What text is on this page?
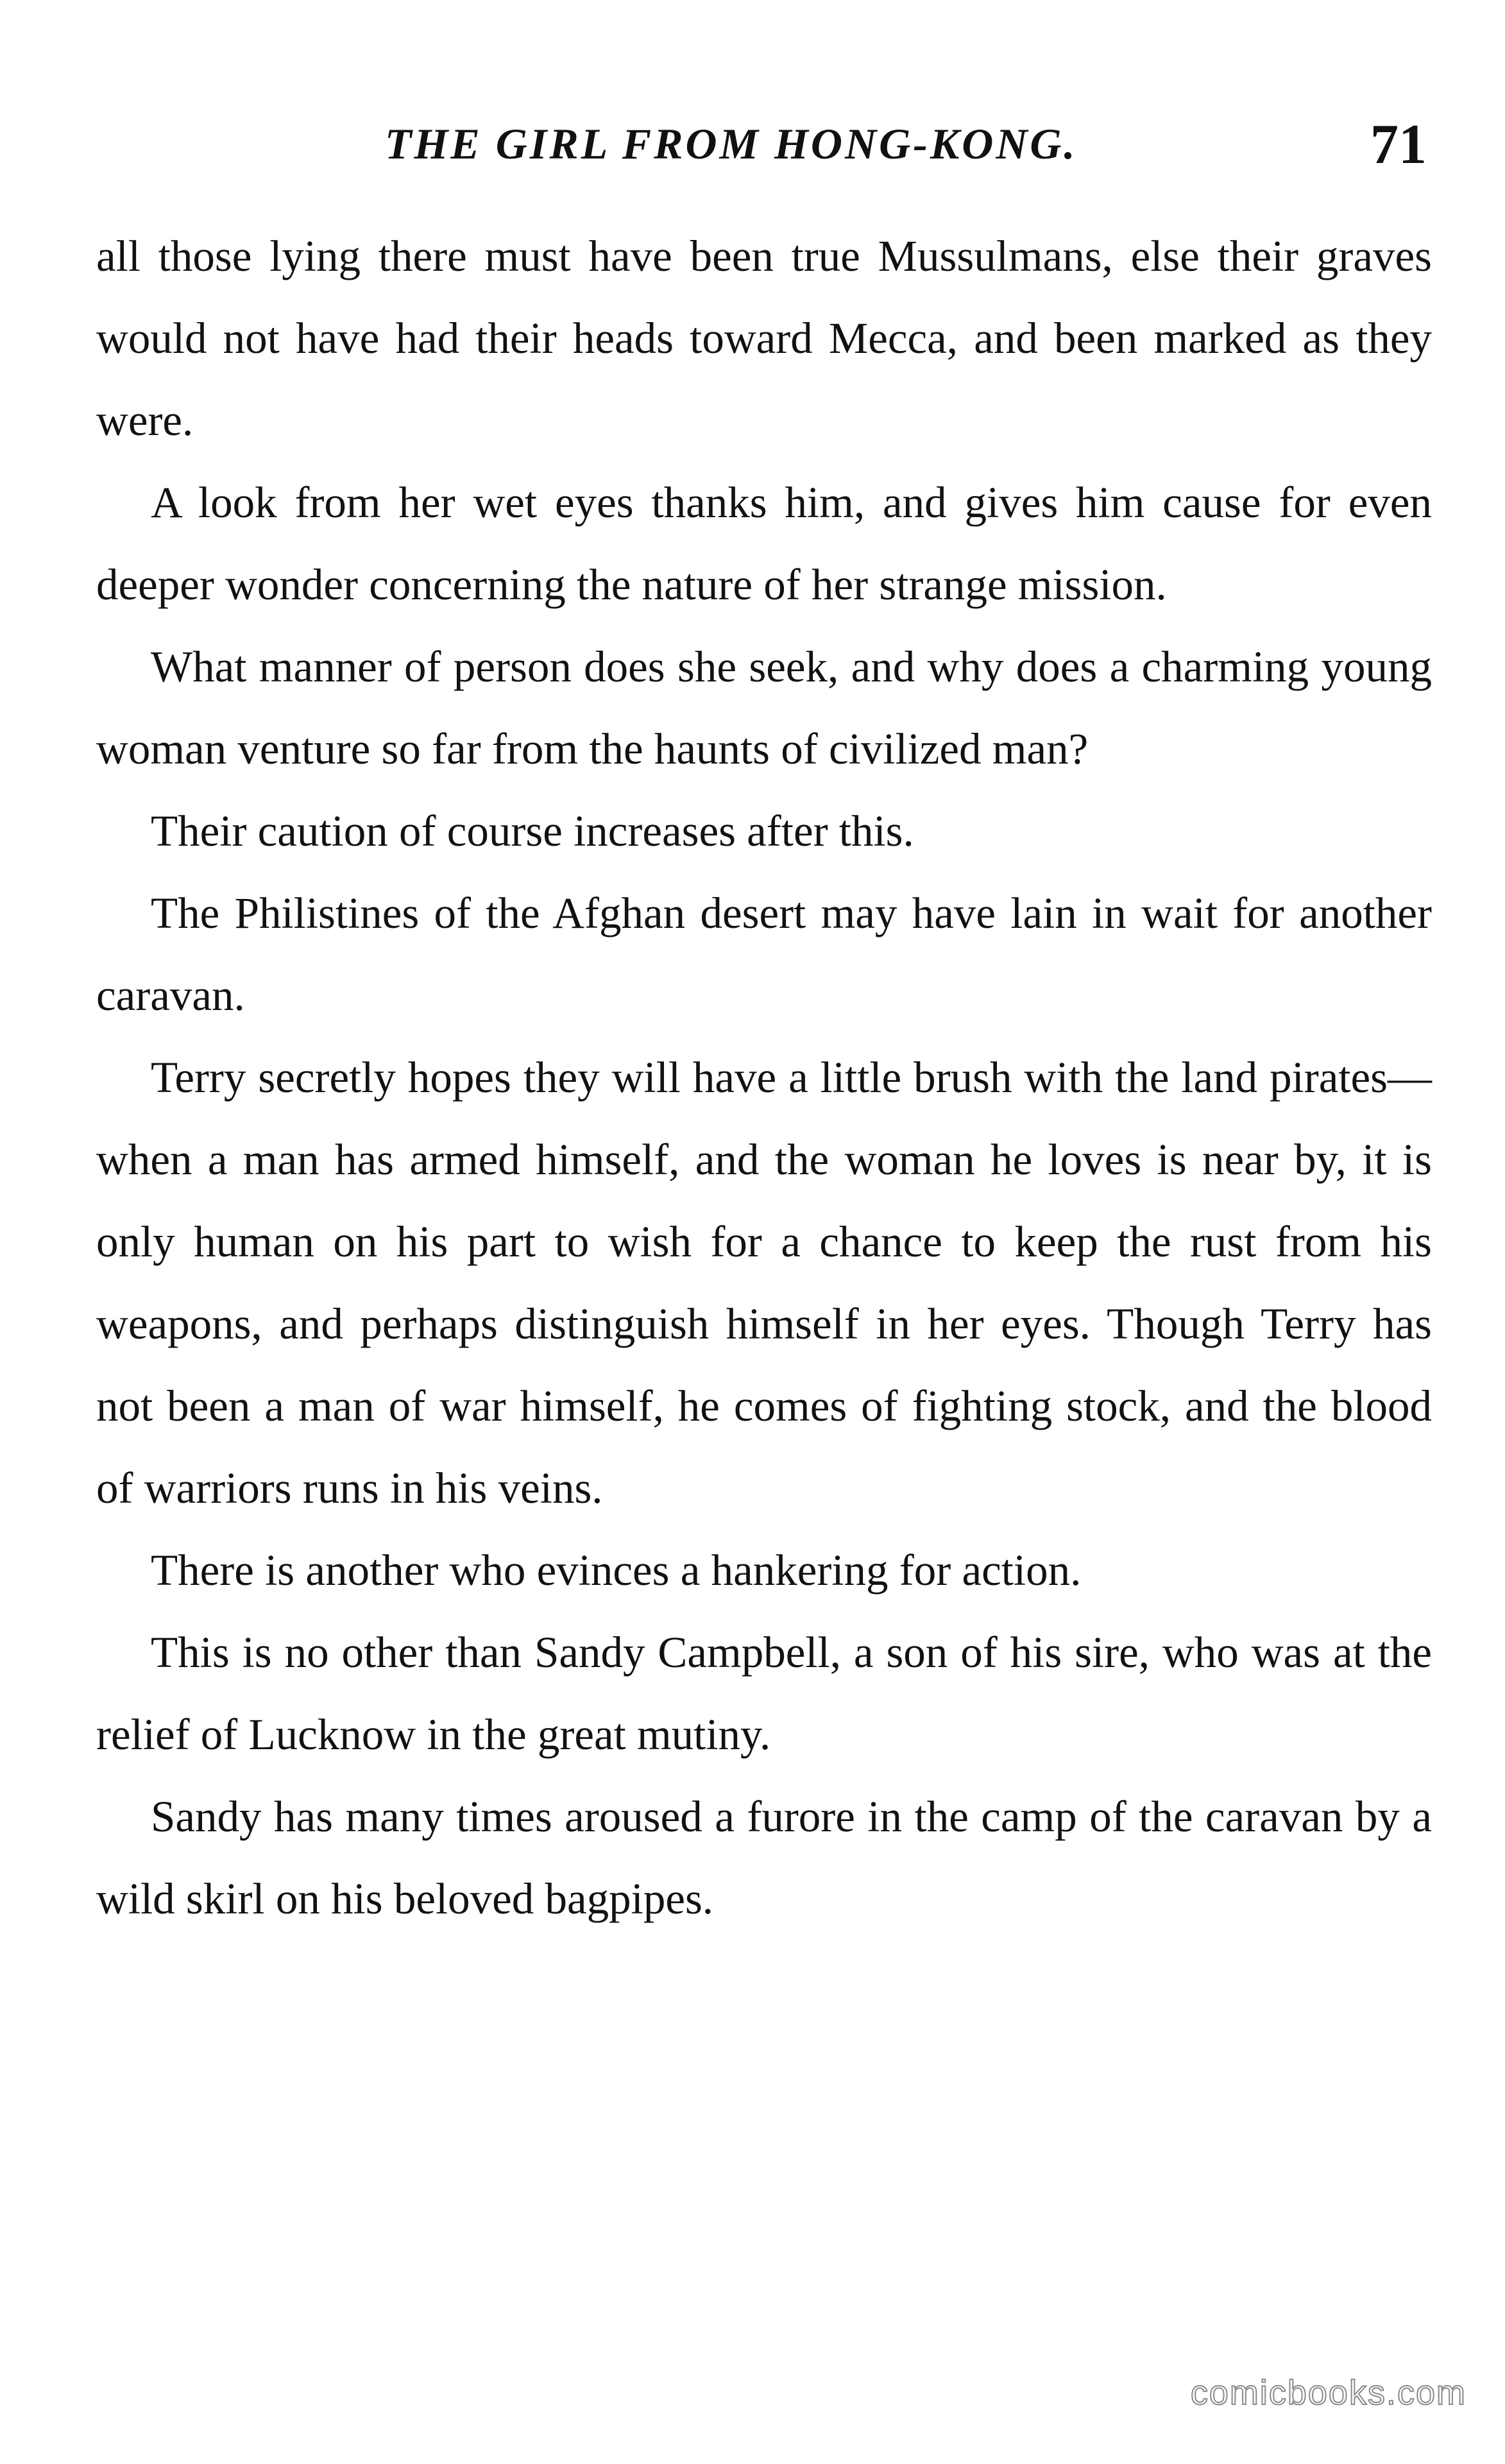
THE GIRL FROM HONG-KONG.	71

all those lying there must have been true Mussulmans, else their graves would not have had their heads toward Mecca, and been marked as they were.

A look from her wet eyes thanks him, and gives him cause for even deeper wonder concerning the nature of her strange mission.

What manner of person does she seek, and why does a charming young woman venture so far from the haunts of civilized man?

Their caution of course increases after this.

The Philistines of the Afghan desert may have lain in wait for another caravan.

Terry secretly hopes they will have a little brush with the land pirates—when a man has armed himself, and the woman he loves is near by, it is only human on his part to wish for a chance to keep the rust from his weapons, and perhaps distinguish himself in her eyes. Though Terry has not been a man of war himself, he comes of fighting stock, and the blood of warriors runs in his veins.

There is another who evinces a hankering for action.

This is no other than Sandy Campbell, a son of his sire, who was at the relief of Lucknow in the great mutiny.

Sandy has many times aroused a furore in the camp of the caravan by a wild skirl on his beloved bagpipes.

comicbooks.com
